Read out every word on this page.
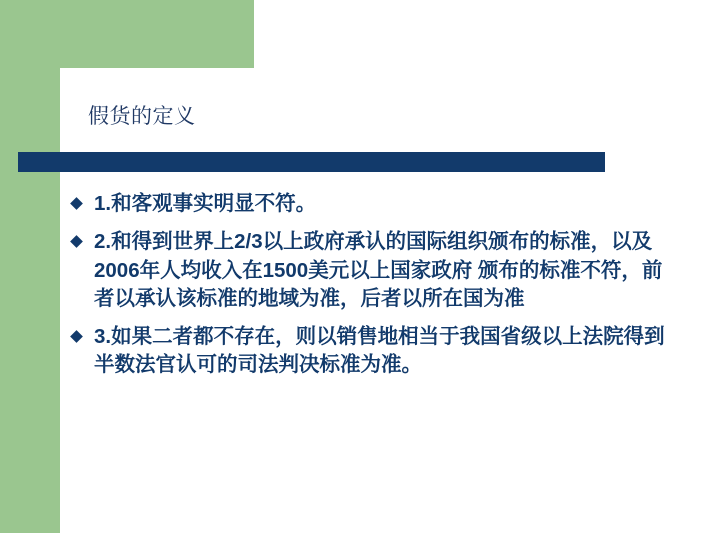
假货的定义
1.和客观事实明显不符。
2.和得到世界上2/3以上政府承认的国际组织颁布的标准，以及2006年人均收入在1500美元以上国家政府 颁布的标准不符，前者以承认该标准的地域为准，后者以所在国为准
3.如果二者都不存在，则以销售地相当于我国省级以上法院得到半数法官认可的司法判决标准为准。
